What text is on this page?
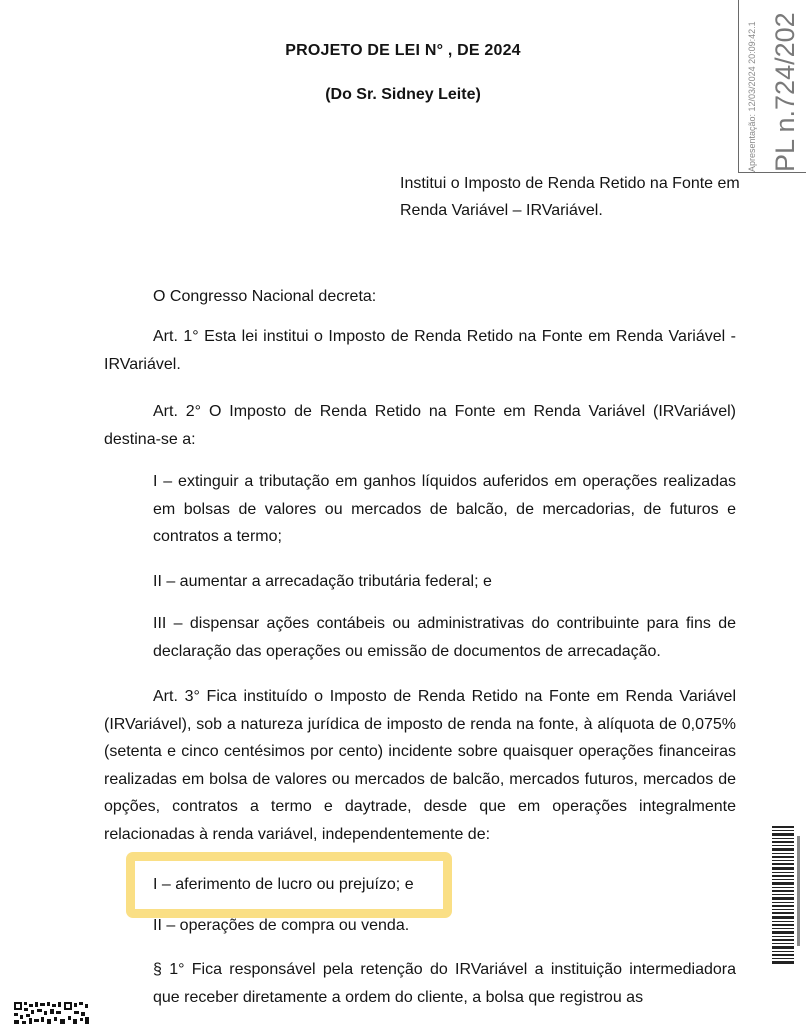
PROJETO DE LEI N° , DE 2024
(Do Sr. Sidney Leite)	Apresentação: 12/03/2024 20:09:42.1 PL n.724/202
Institui o Imposto de Renda Retido na Fonte em Renda Variável – IRVariável.
O Congresso Nacional decreta:
Art. 1° Esta lei institui o Imposto de Renda Retido na Fonte em Renda Variável - IRVariável.
Art. 2° O Imposto de Renda Retido na Fonte em Renda Variável (IRVariável) destina-se a:
I – extinguir a tributação em ganhos líquidos auferidos em operações realizadas em bolsas de valores ou mercados de balcão, de mercadorias, de futuros e contratos a termo;
II – aumentar a arrecadação tributária federal; e
III – dispensar ações contábeis ou administrativas do contribuinte para fins de declaração das operações ou emissão de documentos de arrecadação.
Art. 3° Fica instituído o Imposto de Renda Retido na Fonte em Renda Variável (IRVariável), sob a natureza jurídica de imposto de renda na fonte, à alíquota de 0,075% (setenta e cinco centésimos por cento) incidente sobre quaisquer operações financeiras realizadas em bolsa de valores ou mercados de balcão, mercados futuros, mercados de opções, contratos a termo e daytrade, desde que em operações integralmente relacionadas à renda variável, independentemente de:
I – aferimento de lucro ou prejuízo; e
II – operações de compra ou venda.
§ 1° Fica responsável pela retenção do IRVariável a instituição intermediadora que receber diretamente a ordem do cliente, a bolsa que registrou as
